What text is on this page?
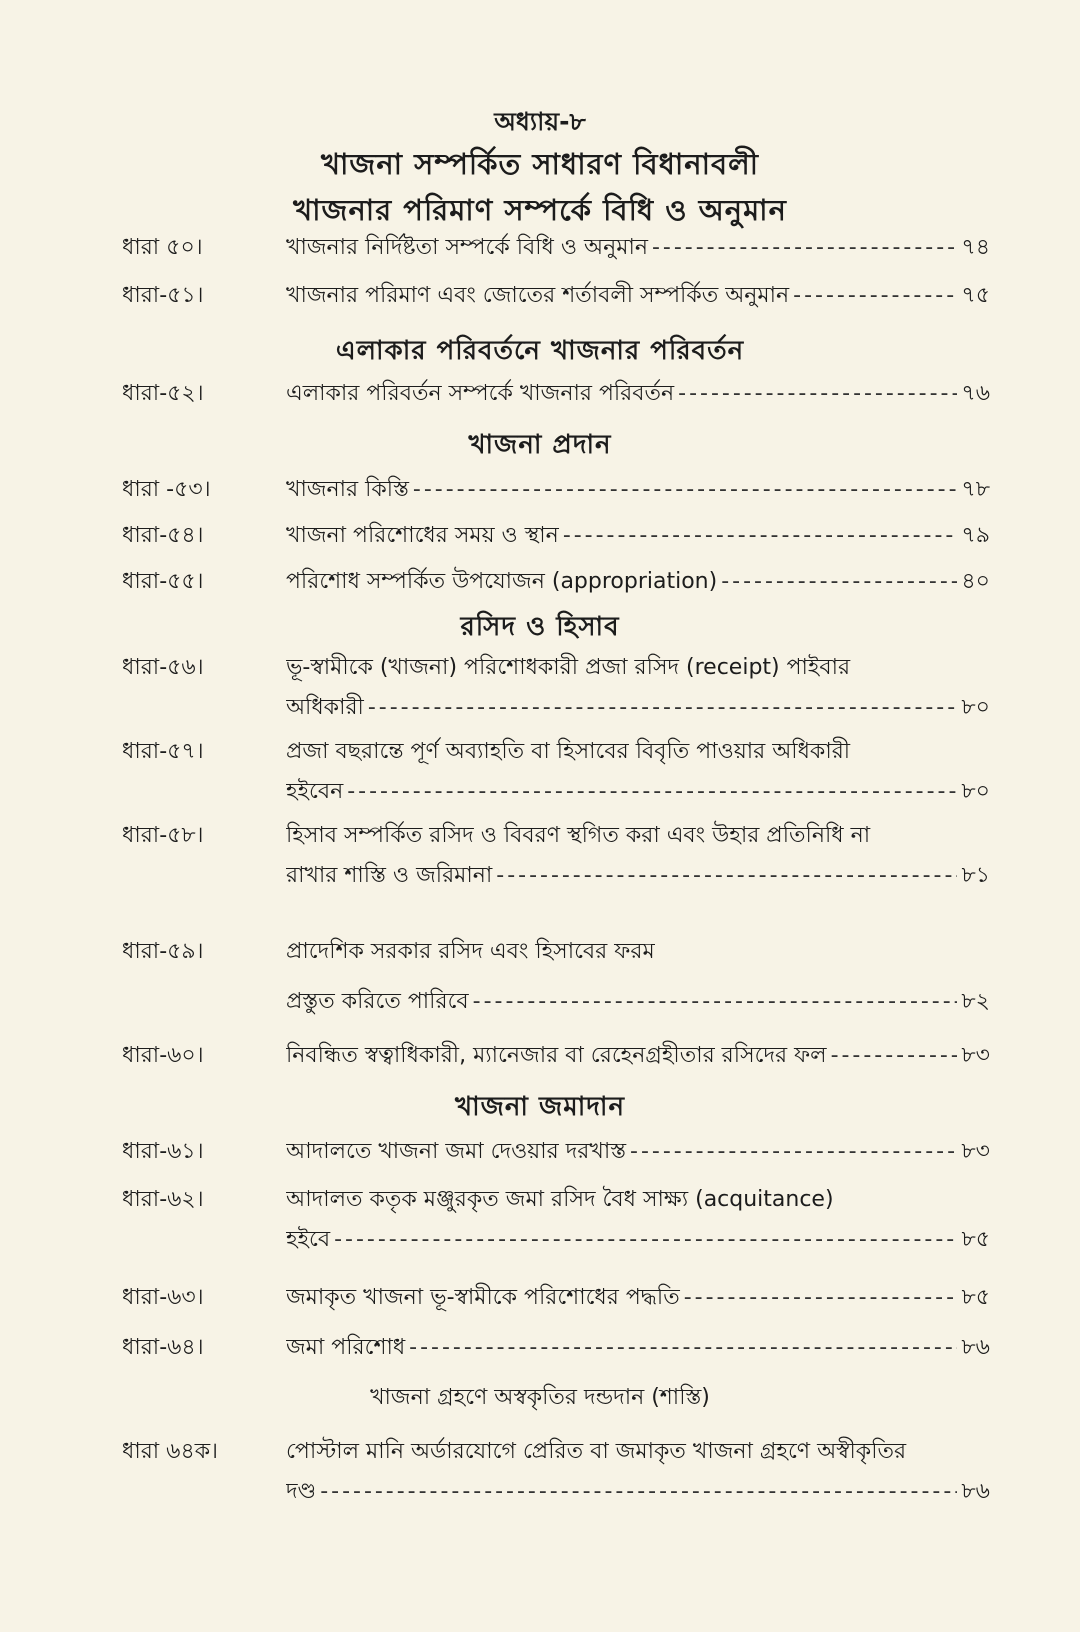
অধ্যায়-৮
খাজনা সম্পর্কিত সাধারণ বিধানাবলী
খাজনার পরিমাণ সম্পর্কে বিধি ও অনুমান
ধারা ৫০।	খাজনার নির্দিষ্টতা সম্পর্কে বিধি ও অনুমান - - -	৭৪
ধারা-৫১।	খাজনার পরিমাণ এবং জোতের শর্তাবলী সম্পর্কিত অনুমান - - -	৭৫
এলাকার পরিবর্তনে খাজনার পরিবর্তন
ধারা-৫২।	এলাকার পরিবর্তন সম্পর্কে খাজনার পরিবর্তন - - -	৭৬
খাজনা প্রদান
ধারা -৫৩।	খাজনার কিস্তি - - -	৭৮
ধারা-৫৪।	খাজনা পরিশোধের সময় ও স্থান - - -	৭৯
ধারা-৫৫।	পরিশোধ সম্পর্কিত উপযোজন (appropriation) - - -	৪০
রসিদ ও হিসাব
ধারা-৫৬।	ভূ-স্বামীকে (খাজনা) পরিশোধকারী প্রজা রসিদ (receipt) পাইবার
অধিকারী - - -	৮০
ধারা-৫৭।	প্রজা বছরান্তে পূর্ণ অব্যাহতি বা হিসাবের বিবৃতি পাওয়ার অধিকারী
হইবেন - - -	৮০
ধারা-৫৮।	হিসাব সম্পর্কিত রসিদ ও বিবরণ স্থগিত করা এবং উহার প্রতিনিধি না
রাখার শাস্তি ও জরিমানা - - -	৮১
ধারা-৫৯।	প্রাদেশিক সরকার রসিদ এবং হিসাবের ফরম
প্রস্তুত করিতে পারিবে - - -	৮২
ধারা-৬০।	নিবন্ধিত স্বত্বাধিকারী, ম্যানেজার বা রেহেনগ্রহীতার রসিদের ফল - - -	৮৩
খাজনা জমাদান
ধারা-৬১।	আদালতে খাজনা জমা দেওয়ার দরখাস্ত - - -	৮৩
ধারা-৬২।	আদালত কতৃক মঞ্জুরকৃত জমা রসিদ বৈধ সাক্ষ্য (acquitance)
হইবে - - -	৮৫
ধারা-৬৩।	জমাকৃত খাজনা ভূ-স্বামীকে পরিশোধের পদ্ধতি - - -	৮৫
ধারা-৬৪।	জমা পরিশোধ - - -	৮৬
খাজনা গ্রহণে অস্বকৃতির দন্ডদান (শাস্তি)
ধারা ৬৪ক।	পোস্টাল মানি অর্ডারযোগে প্রেরিত বা জমাকৃত খাজনা গ্রহণে অস্বীকৃতির
দণ্ড - - -	৮৬
